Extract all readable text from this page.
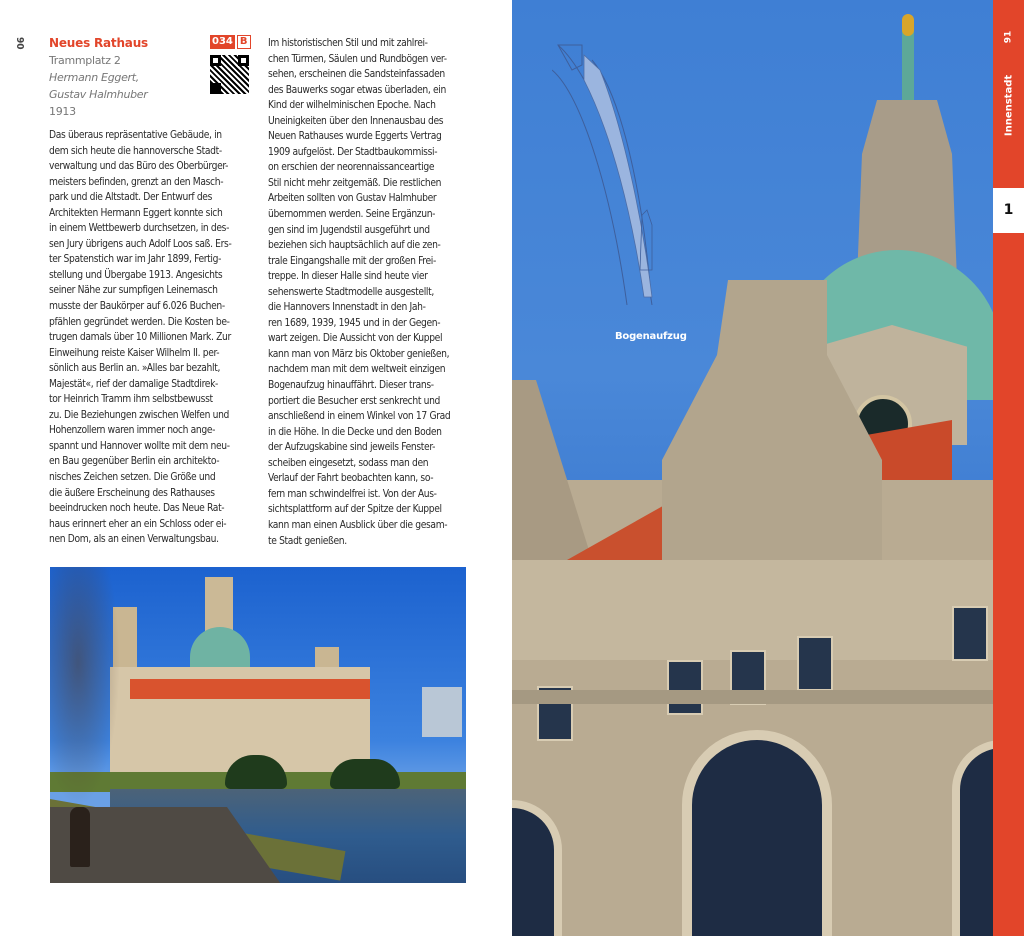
90 Neues Rathaus
Trammplatz 2
Hermann Eggert,
Gustav Halmhuber
1913
034 B
Das überaus repräsentative Gebäude, in
dem sich heute die hannoversche Stadt-
verwaltung und das Büro des Oberbürger-
meisters befinden, grenzt an den Masch-
park und die Altstadt. Der Entwurf des
Architekten Hermann Eggert konnte sich
in einem Wettbewerb durchsetzen, in des-
sen Jury übrigens auch Adolf Loos saß. Ers-
ter Spatenstich war im Jahr 1899, Fertig-
stellung und Übergabe 1913. Angesichts
seiner Nähe zur sumpfigen Leinemasch
musste der Baukörper auf 6.026 Buchen-
pfählen gegründet werden. Die Kosten be-
trugen damals über 10 Millionen Mark. Zur
Einweihung reiste Kaiser Wilhelm II. per-
sönlich aus Berlin an. »Alles bar bezahlt,
Majestät«, rief der damalige Stadtdirek-
tor Heinrich Tramm ihm selbstbewusst
zu. Die Beziehungen zwischen Welfen und
Hohenzollern waren immer noch ange-
spannt und Hannover wollte mit dem neu-
en Bau gegenüber Berlin ein architekto-
nisches Zeichen setzen. Die Größe und
die äußere Erscheinung des Rathauses
beeindrucken noch heute. Das Neue Rat-
haus erinnert eher an ein Schloss oder ei-
nen Dom, als an einen Verwaltungsbau.
Im historistischen Stil und mit zahlrei-
chen Türmen, Säulen und Rundbögen ver-
sehen, erscheinen die Sandsteinfassaden
des Bauwerks sogar etwas überladen, ein
Kind der wilhelminischen Epoche. Nach
Uneinigkeiten über den Innenausbau des
Neuen Rathauses wurde Eggerts Vertrag
1909 aufgelöst. Der Stadtbaukommissi-
on erschien der neorennaissanceartige
Stil nicht mehr zeitgemäß. Die restlichen
Arbeiten sollten von Gustav Halmhuber
übernommen werden. Seine Ergänzun-
gen sind im Jugendstil ausgeführt und
beziehen sich hauptsächlich auf die zen-
trale Eingangshalle mit der großen Frei-
treppe. In dieser Halle sind heute vier
sehenswerte Stadtmodelle ausgestellt,
die Hannovers Innenstadt in den Jah-
ren 1689, 1939, 1945 und in der Gegen-
wart zeigen. Die Aussicht von der Kuppel
kann man von März bis Oktober genießen,
nachdem man mit dem weltweit einzigen
Bogenaufzug hinauffährt. Dieser trans-
portiert die Besucher erst senkrecht und
anschließend in einem Winkel von 17 Grad
in die Höhe. In die Decke und den Boden
der Aufzugskabine sind jeweils Fenster-
scheiben eingesetzt, sodass man den
Verlauf der Fahrt beobachten kann, so-
fern man schwindelfrei ist. Von der Aus-
sichtsplattform auf der Spitze der Kuppel
kann man einen Ausblick über die gesam-
te Stadt genießen.
Bogenaufzug
91
Innenstadt
1
